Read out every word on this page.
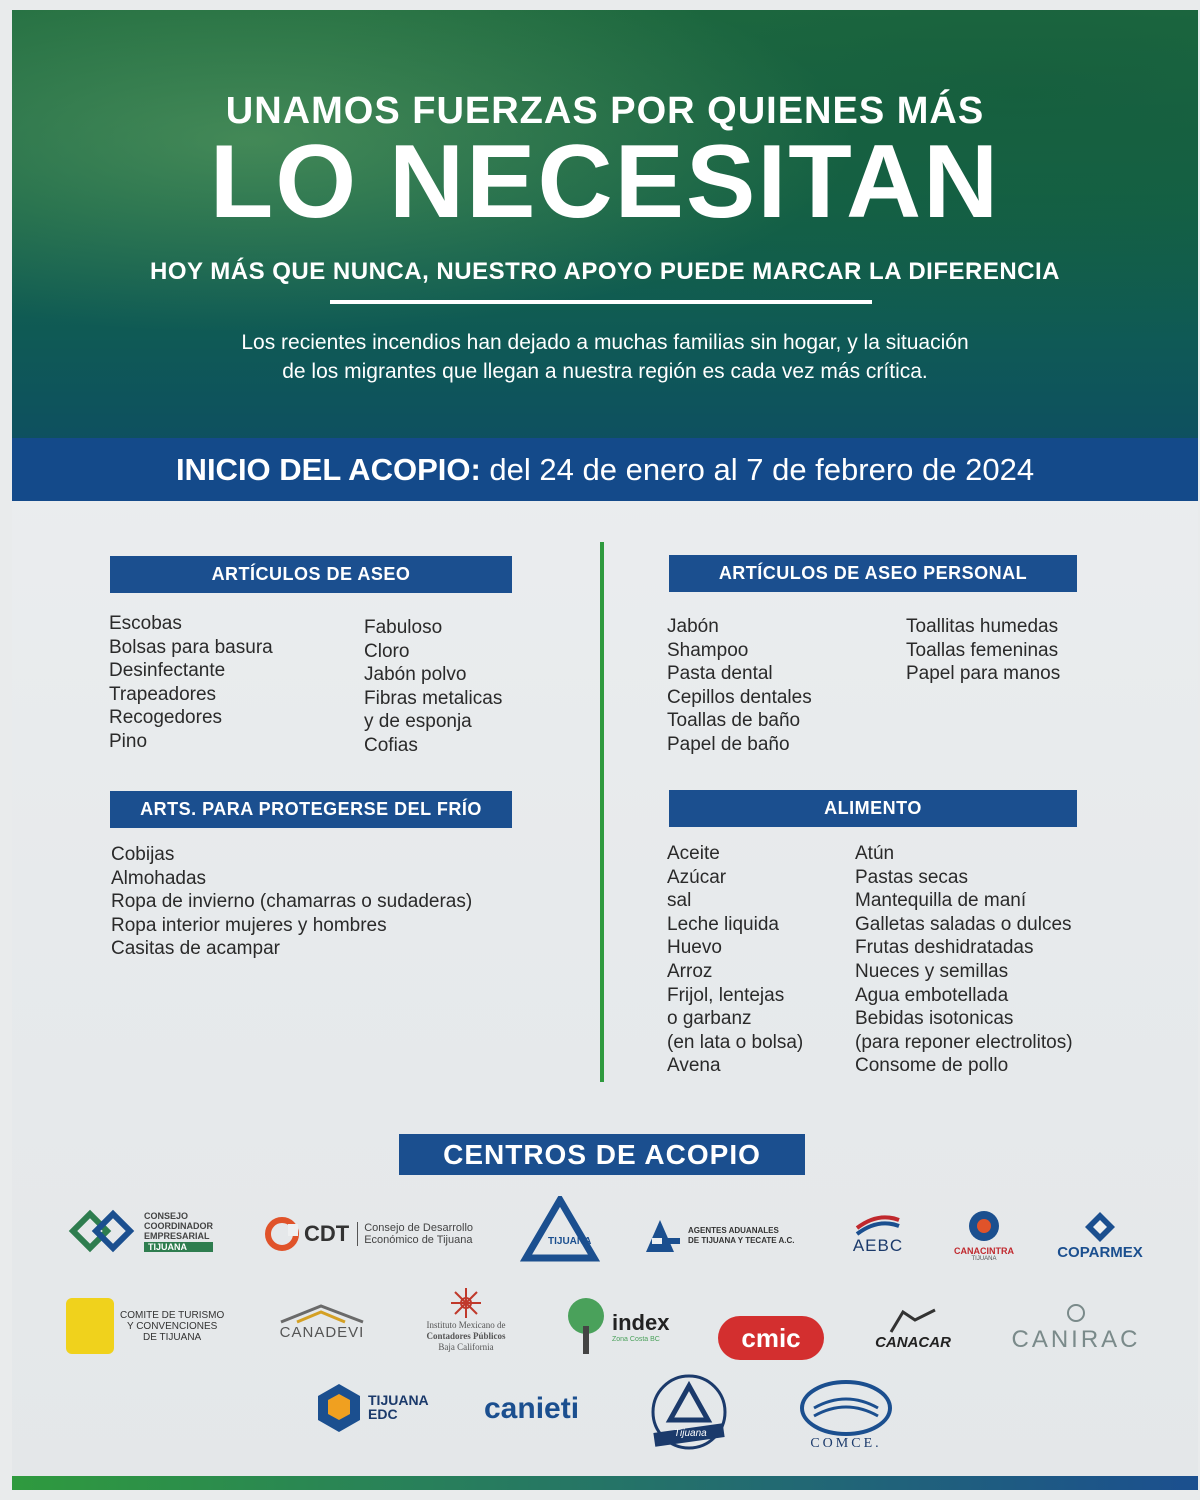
UNAMOS FUERZAS POR QUIENES MÁS
LO NECESITAN
HOY MÁS QUE NUNCA, NUESTRO APOYO PUEDE MARCAR LA DIFERENCIA
Los recientes incendios han dejado a muchas familias sin hogar, y la situación
de los migrantes que llegan a nuestra región es cada vez más crítica.
INICIO DEL ACOPIO: del 24 de enero al 7 de febrero de 2024
ARTÍCULOS DE ASEO
Escobas
Bolsas para basura
Desinfectante
Trapeadores
Recogedores
Pino
Fabuloso
Cloro
Jabón polvo
Fibras metalicas
y de esponja
Cofias
ARTS. PARA PROTEGERSE DEL FRÍO
Cobijas
Almohadas
Ropa de invierno (chamarras o sudaderas)
Ropa interior mujeres y hombres
Casitas de acampar
ARTÍCULOS DE ASEO PERSONAL
Jabón
Shampoo
Pasta dental
Cepillos dentales
Toallas de baño
Papel de baño
Toallitas humedas
Toallas femeninas
Papel para manos
ALIMENTO
Aceite
Azúcar
sal
Leche liquida
Huevo
Arroz
Frijol, lentejas
o garbanz
(en lata o bolsa)
Avena
Atún
Pastas secas
Mantequilla de maní
Galletas saladas o dulces
Frutas deshidratadas
Nueces y semillas
Agua embotellada
Bebidas isotonicas
(para reponer electrolitos)
Consome de pollo
CENTROS DE ACOPIO
CONSEJO
COORDINADOR
EMPRESARIAL
TIJUANA
CDT Consejo de Desarrollo
Económico de Tijuana	TIJUANA
AGENTES ADUANALES
DE TIJUANA Y TECATE A.C.	AEBC	CANACINTRA
TIJUANA	COPARMEX
COMITE DE TURISMO
Y CONVENCIONES
DE TIJUANA	CANADEVI	Instituto Mexicano de
Contadores Públicos
Baja California
index
Zona Costa BC	cmic	CANACAR	CANIRAC
TIJUANA
EDC	canieti
Tijuana
COMCE.
